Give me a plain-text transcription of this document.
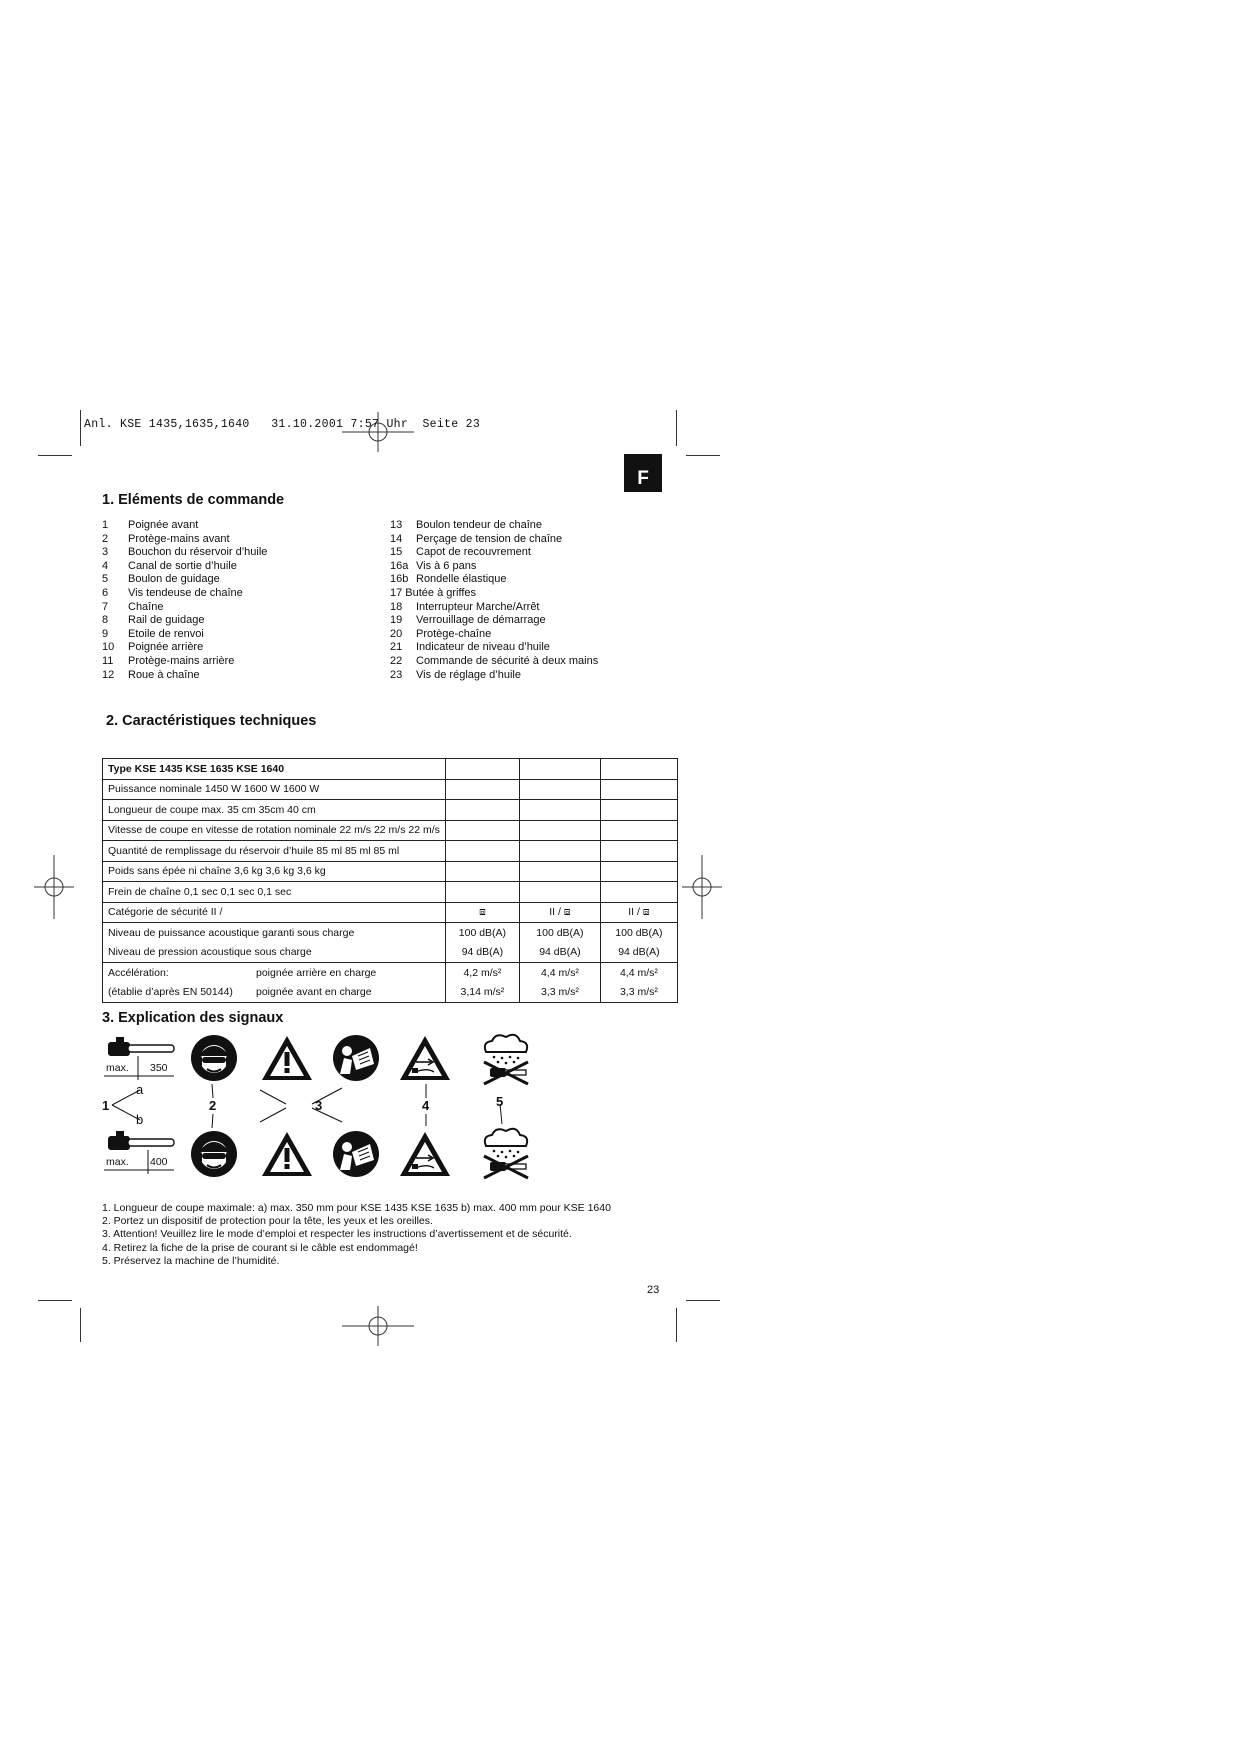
Anl. KSE 1435,1635,1640   31.10.2001 7:57 Uhr  Seite 23
F
1. Eléments de commande
1	Poignée avant
2	Protège-mains avant
3	Bouchon du réservoir d’huile
4	Canal de sortie d’huile
5	Boulon de guidage
6	Vis tendeuse de chaîne
7	Chaîne
8	Rail de guidage
9	Etoile de renvoi
10	Poignée arrière
11	Protège-mains arrière
12	Roue à chaîne
13	Boulon tendeur de chaîne
14	Perçage de tension de chaîne
15	Capot de recouvrement
16a Vis à 6 pans
16b Rondelle élastique
17 Butée à griffes
18	Interrupteur Marche/Arrêt
19	Verrouillage de démarrage
20	Protège-chaîne
21	Indicateur de niveau d’huile
22	Commande de sécurité à deux mains
23	Vis de réglage d’huile
2. Caractéristiques techniques
Type KSE 1435 KSE 1635 KSE 1640			
Puissance nominale 1450 W 1600 W 1600 W			
Longueur de coupe max. 35 cm 35cm 40 cm			
Vitesse de coupe en vitesse de rotation nominale 22 m/s 22 m/s 22 m/s			
Quantité de remplissage du réservoir d’huile 85 ml 85 ml 85 ml			
Poids sans épée ni chaîne 3,6 kg 3,6 kg 3,6 kg			
Frein de chaîne 0,1 sec 0,1 sec 0,1 sec			
Catégorie de sécurité II /	⧈	II / ⧈	II / ⧈
Niveau de puissance acoustique garanti sous charge	100 dB(A)	100 dB(A)	100 dB(A)
Niveau de pression acoustique sous charge	94 dB(A)	94 dB(A)	94 dB(A)
Accélération: poignée arrière en charge	4,2 m/s²	4,4 m/s²	4,4 m/s²
(établie d’après EN 50144) poignée avant en charge	3,14 m/s²	3,3 m/s²	3,3 m/s²
3. Explication des signaux
max. 350
1
a
b
2	3	4	5
max. 400
1. Longueur de coupe maximale: a) max. 350 mm pour KSE 1435 KSE 1635 b) max. 400 mm pour KSE 1640
2. Portez un dispositif de protection pour la tête, les yeux et les oreilles.
3. Attention! Veuillez lire le mode d’emploi et respecter les instructions d’avertissement et de sécurité.
4. Retirez la fiche de la prise de courant si le câble est endommagé!
5. Préservez la machine de l’humidité.
23
